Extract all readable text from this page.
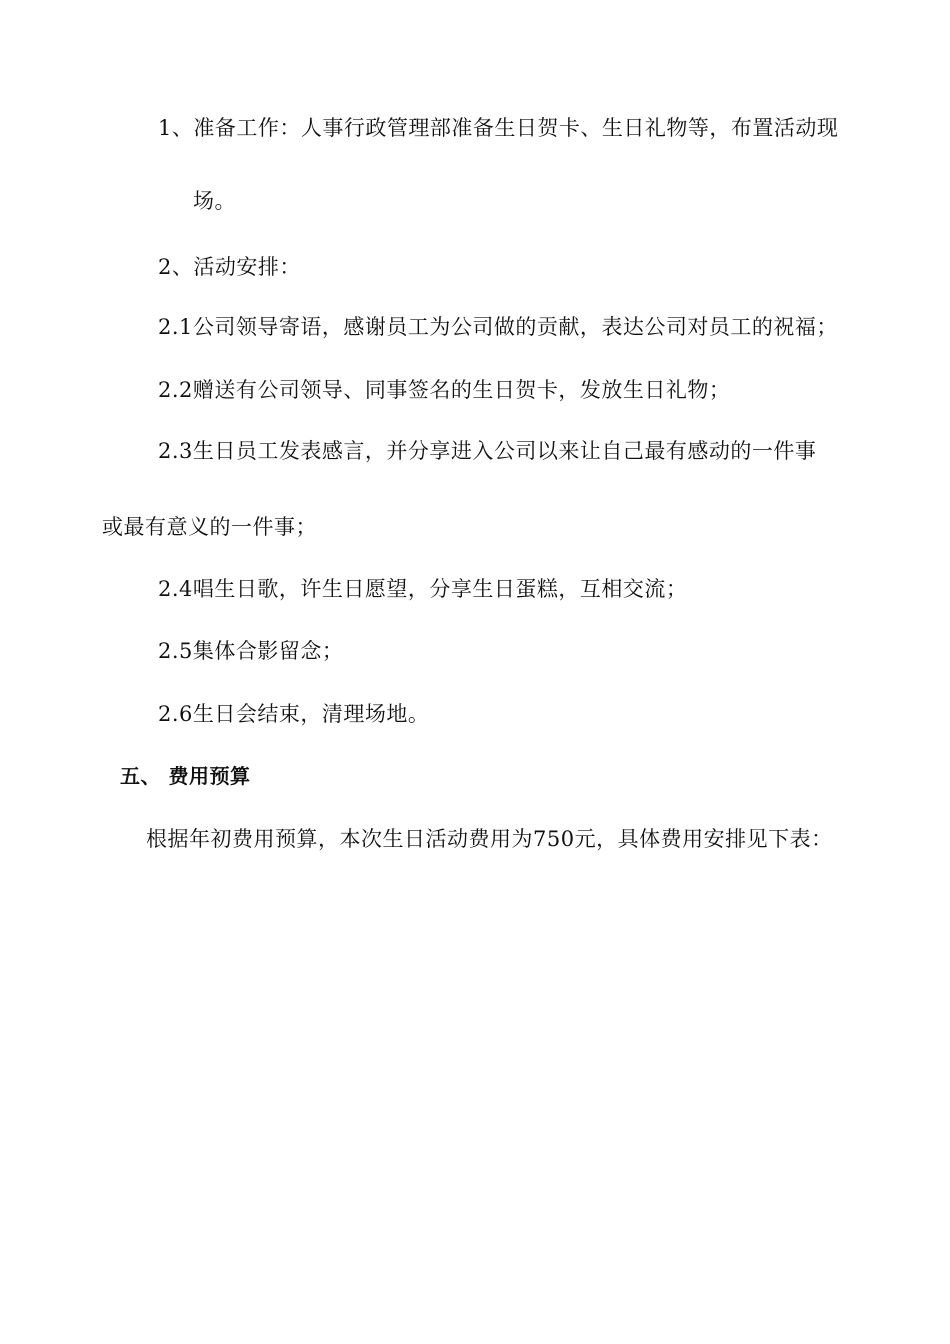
1、准备工作：人事行政管理部准备生日贺卡、生日礼物等，布置活动现
场。
2、活动安排：
2.1公司领导寄语，感谢员工为公司做的贡献，表达公司对员工的祝福；
2.2赠送有公司领导、同事签名的生日贺卡，发放生日礼物；
2.3生日员工发表感言，并分享进入公司以来让自己最有感动的一件事
或最有意义的一件事；
2.4唱生日歌，许生日愿望，分享生日蛋糕，互相交流；
2.5集体合影留念；
2.6生日会结束，清理场地。
五、 费用预算
根据年初费用预算，本次生日活动费用为750元，具体费用安排见下表：
